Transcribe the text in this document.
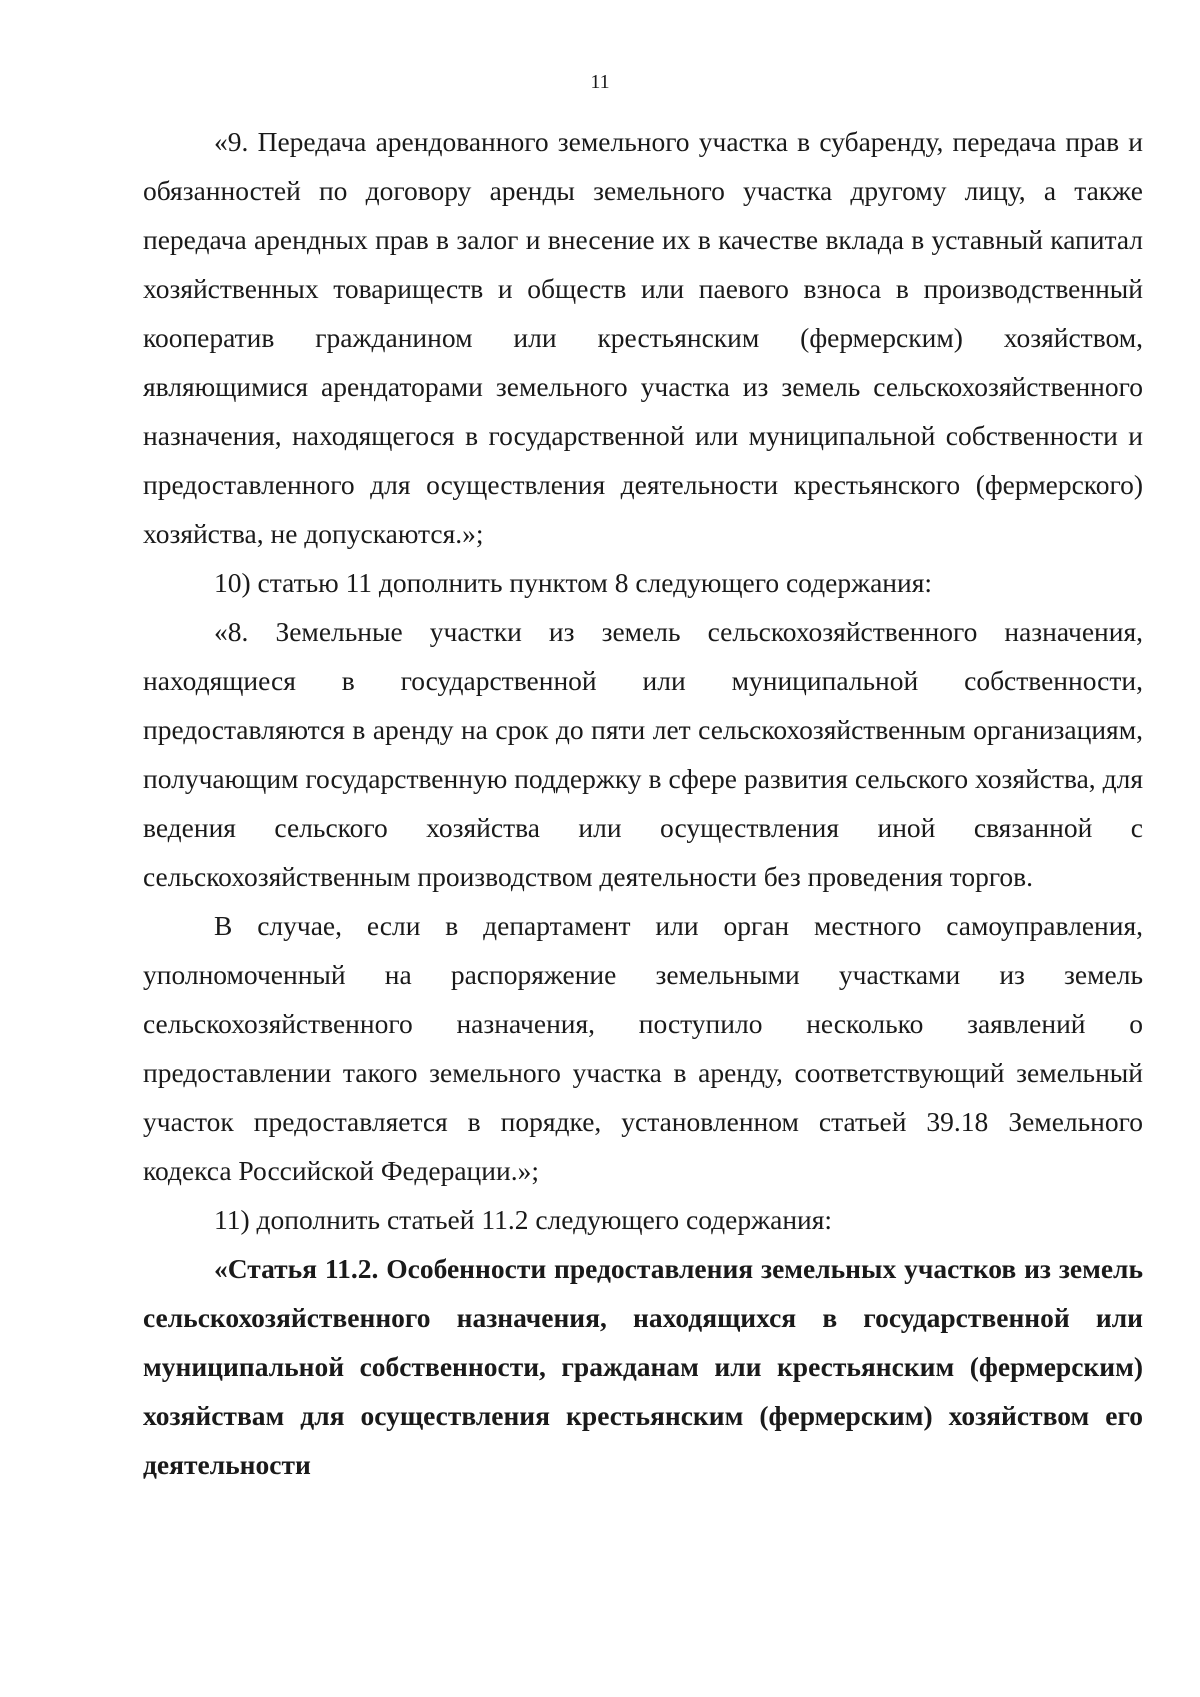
11

«9. Передача арендованного земельного участка в субаренду, передача прав и обязанностей по договору аренды земельного участка другому лицу, а также передача арендных прав в залог и внесение их в качестве вклада в уставный капитал хозяйственных товариществ и обществ или паевого взноса в производственный кооператив гражданином или крестьянским (фермерским) хозяйством, являющимися арендаторами земельного участка из земель сельскохозяйственного назначения, находящегося в государственной или муниципальной собственности и предоставленного для осуществления деятельности крестьянского (фермерского) хозяйства, не допускаются.»;

10) статью 11 дополнить пунктом 8 следующего содержания:

«8. Земельные участки из земель сельскохозяйственного назначения, находящиеся в государственной или муниципальной собственности, предоставляются в аренду на срок до пяти лет сельскохозяйственным организациям, получающим государственную поддержку в сфере развития сельского хозяйства, для ведения сельского хозяйства или осуществления иной связанной с сельскохозяйственным производством деятельности без проведения торгов.

В случае, если в департамент или орган местного самоуправления, уполномоченный на распоряжение земельными участками из земель сельскохозяйственного назначения, поступило несколько заявлений о предоставлении такого земельного участка в аренду, соответствующий земельный участок предоставляется в порядке, установленном статьей 39.18 Земельного кодекса Российской Федерации.»;

11) дополнить статьей 11.2 следующего содержания:

«Статья 11.2. Особенности предоставления земельных участков из земель сельскохозяйственного назначения, находящихся в государственной или муниципальной собственности, гражданам или крестьянским (фермерским) хозяйствам для осуществления крестьянским (фермерским) хозяйством его деятельности
